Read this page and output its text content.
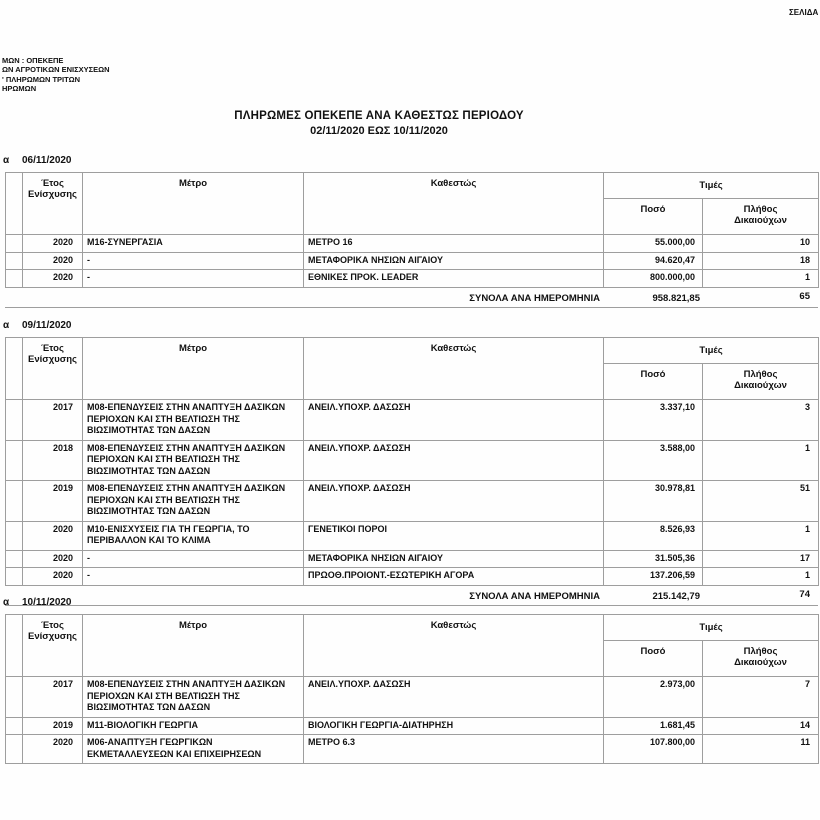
ΜΩΝ : ΟΠΕΚΕΠΕ
ΩΝ ΑΓΡΟΤΙΚΩΝ ΕΝΙΣΧΥΣΕΩΝ
' ΠΛΗΡΩΜΩΝ ΤΡΙΤΩΝ
ΗΡΩΜΩΝ
ΣΕΛΙΔΑ
ΠΛΗΡΩΜΕΣ ΟΠΕΚΕΠΕ ΑΝΑ ΚΑΘΕΣΤΩΣ ΠΕΡΙΟΔΟΥ
02/11/2020 ΕΩΣ 10/11/2020
α 06/11/2020
	Έτος Ενίσχυσης	Μέτρο	Καθεστώς	Τιμές	
				Ποσό	Πλήθος Δικαιούχων
	2020	Μ16-ΣΥΝΕΡΓΑΣΙΑ	ΜΕΤΡΟ 16	55.000,00	10
	2020	-	ΜΕΤΑΦΟΡΙΚΑ ΝΗΣΙΩΝ ΑΙΓΑΙΟΥ	94.620,47	18
	2020	-	ΕΘΝΙΚΕΣ ΠΡΟΚ. LEADER	800.000,00	1
ΣΥΝΟΛΑ ΑΝΑ ΗΜΕΡΟΜΗΝΙΑ	958.821,85	65
α 09/11/2020
	Έτος Ενίσχυσης	Μέτρο	Καθεστώς	Τιμές	
				Ποσό	Πλήθος Δικαιούχων
	2017	Μ08-ΕΠΕΝΔΥΣΕΙΣ ΣΤΗΝ ΑΝΑΠΤΥΞΗ ΔΑΣΙΚΩΝ ΠΕΡΙΟΧΩΝ ΚΑΙ ΣΤΗ ΒΕΛΤΙΩΣΗ ΤΗΣ ΒΙΩΣΙΜΟΤΗΤΑΣ ΤΩΝ ΔΑΣΩΝ	ΑΝΕΙΛ.ΥΠΟΧΡ. ΔΑΣΩΣΗ	3.337,10	3
	2018	Μ08-ΕΠΕΝΔΥΣΕΙΣ ΣΤΗΝ ΑΝΑΠΤΥΞΗ ΔΑΣΙΚΩΝ ΠΕΡΙΟΧΩΝ ΚΑΙ ΣΤΗ ΒΕΛΤΙΩΣΗ ΤΗΣ ΒΙΩΣΙΜΟΤΗΤΑΣ ΤΩΝ ΔΑΣΩΝ	ΑΝΕΙΛ.ΥΠΟΧΡ. ΔΑΣΩΣΗ	3.588,00	1
	2019	Μ08-ΕΠΕΝΔΥΣΕΙΣ ΣΤΗΝ ΑΝΑΠΤΥΞΗ ΔΑΣΙΚΩΝ ΠΕΡΙΟΧΩΝ ΚΑΙ ΣΤΗ ΒΕΛΤΙΩΣΗ ΤΗΣ ΒΙΩΣΙΜΟΤΗΤΑΣ ΤΩΝ ΔΑΣΩΝ	ΑΝΕΙΛ.ΥΠΟΧΡ. ΔΑΣΩΣΗ	30.978,81	51
	2020	Μ10-ΕΝΙΣΧΥΣΕΙΣ ΓΙΑ ΤΗ ΓΕΩΡΓΙΑ, ΤΟ ΠΕΡΙΒΑΛΛΟΝ ΚΑΙ ΤΟ ΚΛΙΜΑ	ΓΕΝΕΤΙΚΟΙ ΠΟΡΟΙ	8.526,93	1
	2020	-	ΜΕΤΑΦΟΡΙΚΑ ΝΗΣΙΩΝ ΑΙΓΑΙΟΥ	31.505,36	17
	2020	-	ΠΡΩΟΘ.ΠΡΟΙΟΝΤ.-ΕΣΩΤΕΡΙΚΗ ΑΓΟΡΑ	137.206,59	1
ΣΥΝΟΛΑ ΑΝΑ ΗΜΕΡΟΜΗΝΙΑ	215.142,79	74
α 10/11/2020
	Έτος Ενίσχυσης	Μέτρο	Καθεστώς	Τιμές	
				Ποσό	Πλήθος Δικαιούχων
	2017	Μ08-ΕΠΕΝΔΥΣΕΙΣ ΣΤΗΝ ΑΝΑΠΤΥΞΗ ΔΑΣΙΚΩΝ ΠΕΡΙΟΧΩΝ ΚΑΙ ΣΤΗ ΒΕΛΤΙΩΣΗ ΤΗΣ ΒΙΩΣΙΜΟΤΗΤΑΣ ΤΩΝ ΔΑΣΩΝ	ΑΝΕΙΛ.ΥΠΟΧΡ. ΔΑΣΩΣΗ	2.973,00	7
	2019	Μ11-ΒΙΟΛΟΓΙΚΗ ΓΕΩΡΓΙΑ	ΒΙΟΛΟΓΙΚΗ ΓΕΩΡΓΙΑ-ΔΙΑΤΗΡΗΣΗ	1.681,45	14
	2020	Μ06-ΑΝΑΠΤΥΞΗ ΓΕΩΡΓΙΚΩΝ ΕΚΜΕΤΑΛΛΕΥΣΕΩΝ ΚΑΙ ΕΠΙΧΕΙΡΗΣΕΩΝ	ΜΕΤΡΟ 6.3	107.800,00	11
